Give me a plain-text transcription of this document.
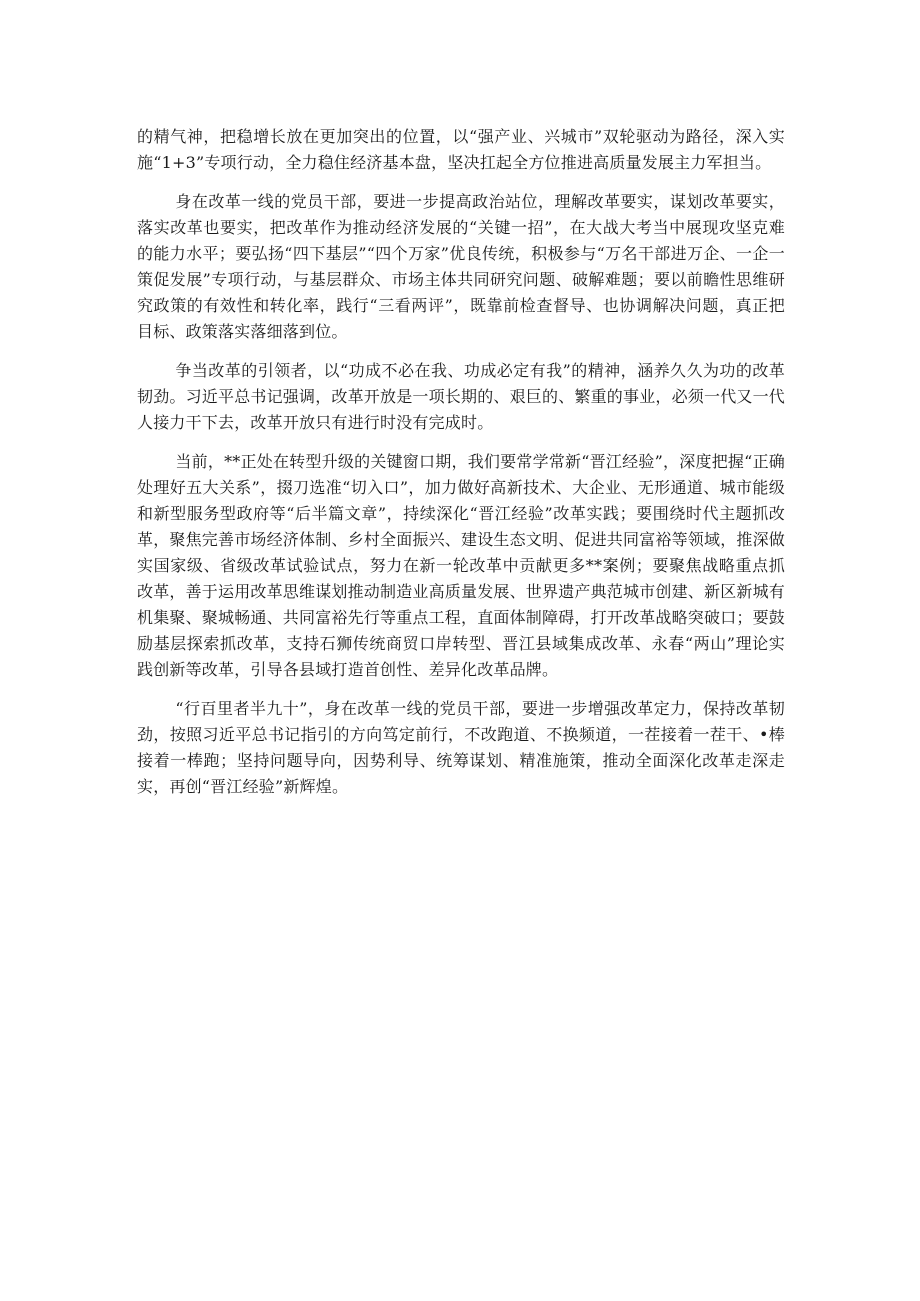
的精气神，把稳增长放在更加突出的位置，以“强产业、兴城市”双轮驱动为路径，深入实施“1+3”专项行动，全力稳住经济基本盘，坚决扛起全方位推进高质量发展主力军担当。

身在改革一线的党员干部，要进一步提高政治站位，理解改革要实，谋划改革要实，落实改革也要实，把改革作为推动经济发展的“关键一招”，在大战大考当中展现攻坚克难的能力水平；要弘扬“四下基层”“四个万家”优良传统，积极参与“万名干部进万企、一企一策促发展”专项行动，与基层群众、市场主体共同研究问题、破解难题；要以前瞻性思维研究政策的有效性和转化率，践行“三看两评”，既靠前检查督导、也协调解决问题，真正把目标、政策落实落细落到位。

争当改革的引领者，以“功成不必在我、功成必定有我”的精神，涵养久久为功的改革韧劲。习近平总书记强调，改革开放是一项长期的、艰巨的、繁重的事业，必须一代又一代人接力干下去，改革开放只有进行时没有完成时。

当前，**正处在转型升级的关键窗口期，我们要常学常新“晋江经验”，深度把握“正确处理好五大关系”，掇刀选准“切入口”，加力做好高新技术、大企业、无形通道、城市能级和新型服务型政府等“后半篇文章”，持续深化“晋江经验”改革实践；要围绕时代主题抓改革，聚焦完善市场经济体制、乡村全面振兴、建设生态文明、促进共同富裕等领域，推深做实国家级、省级改革试验试点，努力在新一轮改革中贡献更多**案例；要聚焦战略重点抓改革，善于运用改革思维谋划推动制造业高质量发展、世界遗产典范城市创建、新区新城有机集聚、聚城畅通、共同富裕先行等重点工程，直面体制障碍，打开改革战略突破口；要鼓励基层探索抓改革，支持石狮传统商贸口岸转型、晋江县域集成改革、永春“两山”理论实践创新等改革，引导各县域打造首创性、差异化改革品牌。

“行百里者半九十”，身在改革一线的党员干部，要进一步增强改革定力，保持改革韧劲，按照习近平总书记指引的方向笃定前行，不改跑道、不换频道，一茬接着一茬干、•棒接着一棒跑；坚持问题导向，因势利导、统筹谋划、精准施策，推动全面深化改革走深走实，再创“晋江经验”新辉煌。
